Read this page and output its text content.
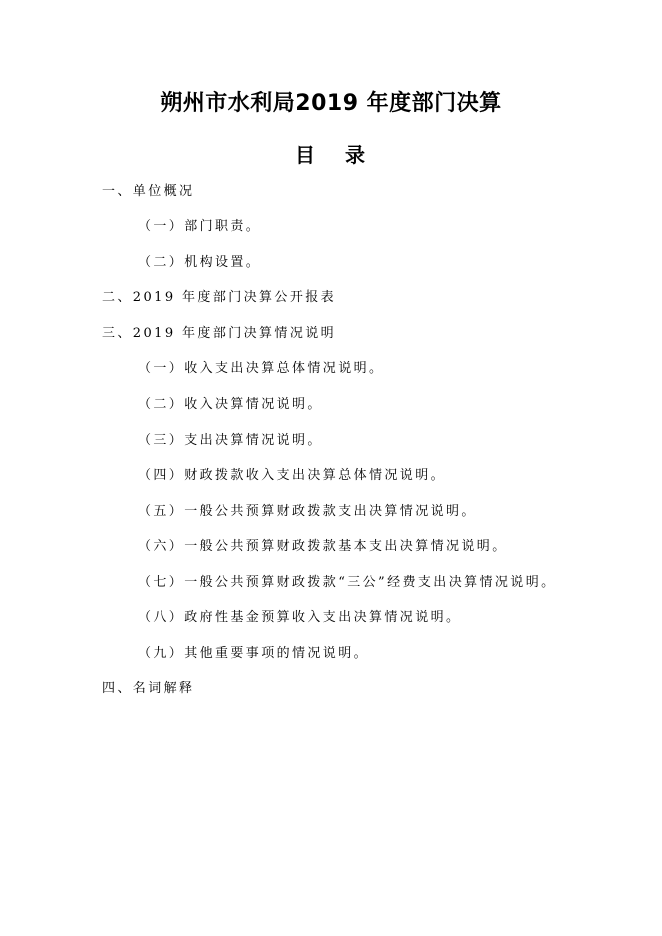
朔州市水利局2019 年度部门决算
目 录
一、单位概况
（一）部门职责。
（二）机构设置。
二、2019 年度部门决算公开报表
三、2019 年度部门决算情况说明
（一）收入支出决算总体情况说明。
（二）收入决算情况说明。
（三）支出决算情况说明。
（四）财政拨款收入支出决算总体情况说明。
（五）一般公共预算财政拨款支出决算情况说明。
（六）一般公共预算财政拨款基本支出决算情况说明。
（七）一般公共预算财政拨款“三公”经费支出决算情况说明。
（八）政府性基金预算收入支出决算情况说明。
（九）其他重要事项的情况说明。
四、名词解释
